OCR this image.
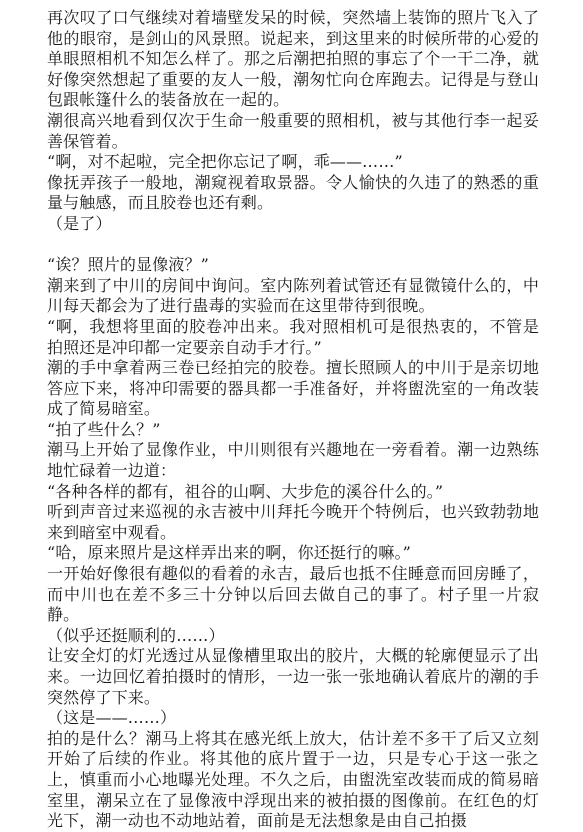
再次叹了口气继续对着墙壁发呆的时候，突然墙上装饰的照片飞入了他的眼帘，是剑山的风景照。说起来，到这里来的时候所带的心爱的单眼照相机不知怎么样了。那之后潮把拍照的事忘了个一干二净，就好像突然想起了重要的友人一般，潮匆忙向仓库跑去。记得是与登山包跟帐篷什么的装备放在一起的。

潮很高兴地看到仅次于生命一般重要的照相机，被与其他行李一起妥善保管着。

“啊，对不起啦，完全把你忘记了啊，乖——……”

像抚弄孩子一般地，潮窥视着取景器。令人愉快的久违了的熟悉的重量与触感，而且胶卷也还有剩。

（是了）

“诶？照片的显像液？”

潮来到了中川的房间中询问。室内陈列着试管还有显微镜什么的，中川每天都会为了进行蛊毒的实验而在这里带待到很晚。

“啊，我想将里面的胶卷冲出来。我对照相机可是很热衷的，不管是拍照还是冲印都一定要亲自动手才行。”

潮的手中拿着两三卷已经拍完的胶卷。擅长照顾人的中川于是亲切地答应下来，将冲印需要的器具都一手准备好，并将盥洗室的一角改装成了简易暗室。

“拍了些什么？”

潮马上开始了显像作业，中川则很有兴趣地在一旁看着。潮一边熟练地忙碌着一边道：

“各种各样的都有，祖谷的山啊、大步危的溪谷什么的。”

听到声音过来巡视的永吉被中川拜托今晚开个特例后，也兴致勃勃地来到暗室中观看。

“哈，原来照片是这样弄出来的啊，你还挺行的嘛。”

一开始好像很有趣似的看着的永吉，最后也抵不住睡意而回房睡了，而中川也在差不多三十分钟以后回去做自己的事了。村子里一片寂静。

（似乎还挺顺利的……）

让安全灯的灯光透过从显像槽里取出的胶片，大概的轮廓便显示了出来。一边回忆着拍摄时的情形，一边一张一张地确认着底片的潮的手突然停了下来。

（这是——……）

拍的是什么？潮马上将其在感光纸上放大，估计差不多干了后又立刻开始了后续的作业。将其他的底片置于一边，只是专心于这一张之上，慎重而小心地曝光处理。不久之后，由盥洗室改装而成的简易暗室里，潮呆立在了显像液中浮现出来的被拍摄的图像前。在红色的灯光下，潮一动也不动地站着，面前是无法想象是由自己拍摄
